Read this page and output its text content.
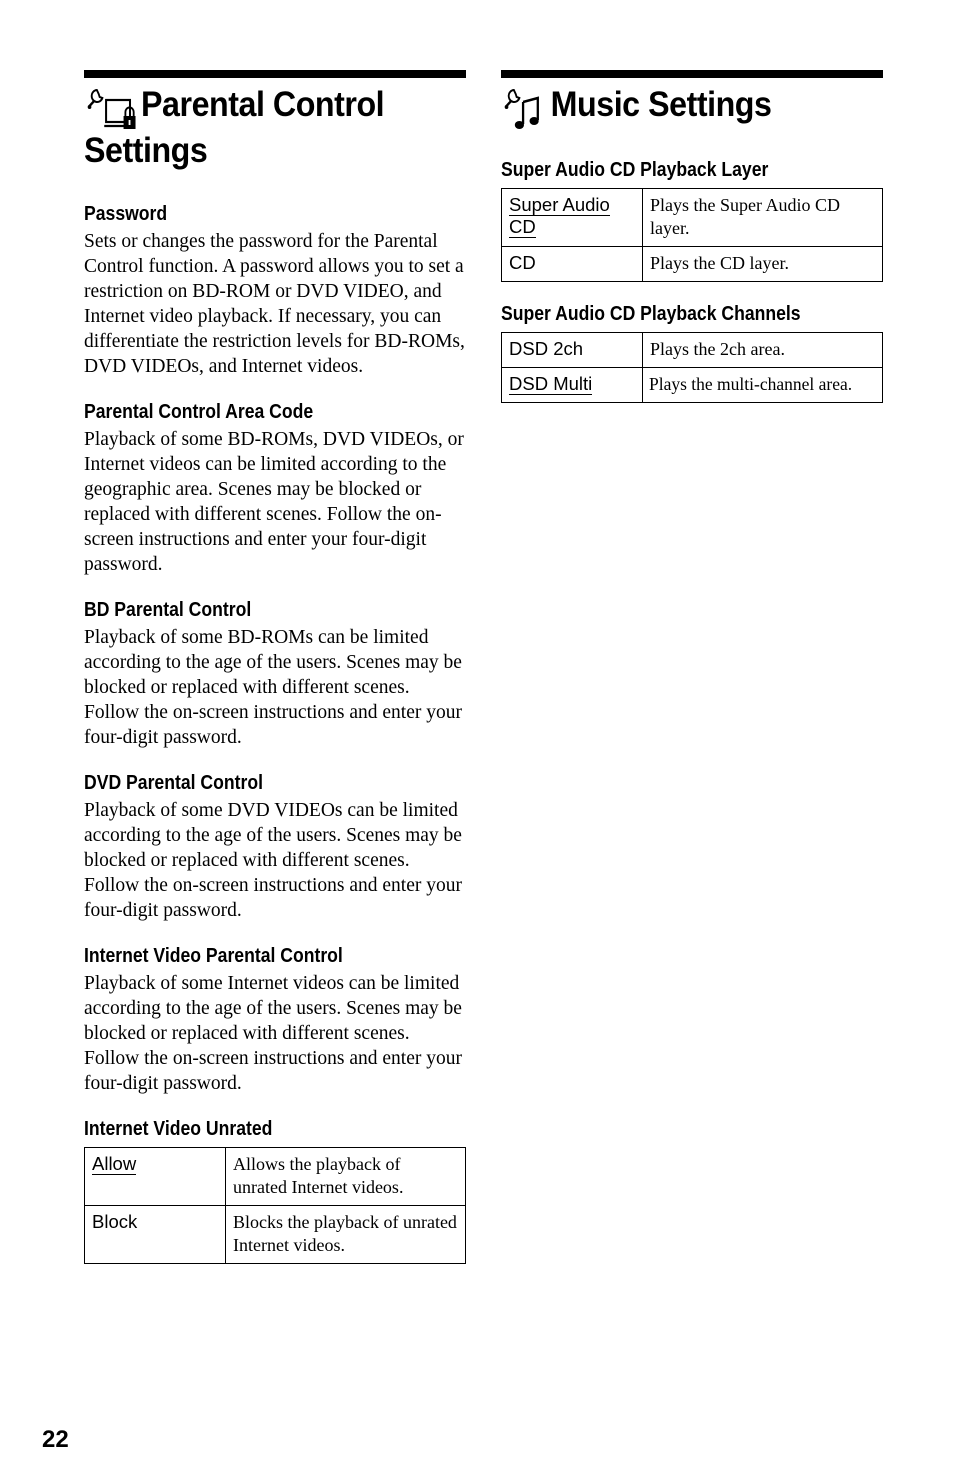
Parental Control
Settings
Password

Sets or changes the password for the Parental Control function. A password allows you to set a restriction on BD-ROM or DVD VIDEO, and Internet video playback. If necessary, you can differentiate the restriction levels for BD-ROMs, DVD VIDEOs, and Internet videos.

Parental Control Area Code

Playback of some BD-ROMs, DVD VIDEOs, or Internet videos can be limited according to the geographic area. Scenes may be blocked or replaced with different scenes. Follow the on-screen instructions and enter your four-digit password.

BD Parental Control

Playback of some BD-ROMs can be limited according to the age of the users. Scenes may be blocked or replaced with different scenes. Follow the on-screen instructions and enter your four-digit password.

DVD Parental Control

Playback of some DVD VIDEOs can be limited according to the age of the users. Scenes may be blocked or replaced with different scenes. Follow the on-screen instructions and enter your four-digit password.

Internet Video Parental Control

Playback of some Internet videos can be limited according to the age of the users. Scenes may be blocked or replaced with different scenes. Follow the on-screen instructions and enter your four-digit password.

Internet Video Unrated
Allow	Allows the playback of unrated Internet videos.
Block	Blocks the playback of unrated Internet videos.
Music Settings
Super Audio CD Playback Layer
Super Audio
CD	Plays the Super Audio CD layer.
CD	Plays the CD layer.
Super Audio CD Playback Channels
DSD 2ch	Plays the 2ch area.
DSD Multi	Plays the multi-channel area.
22
